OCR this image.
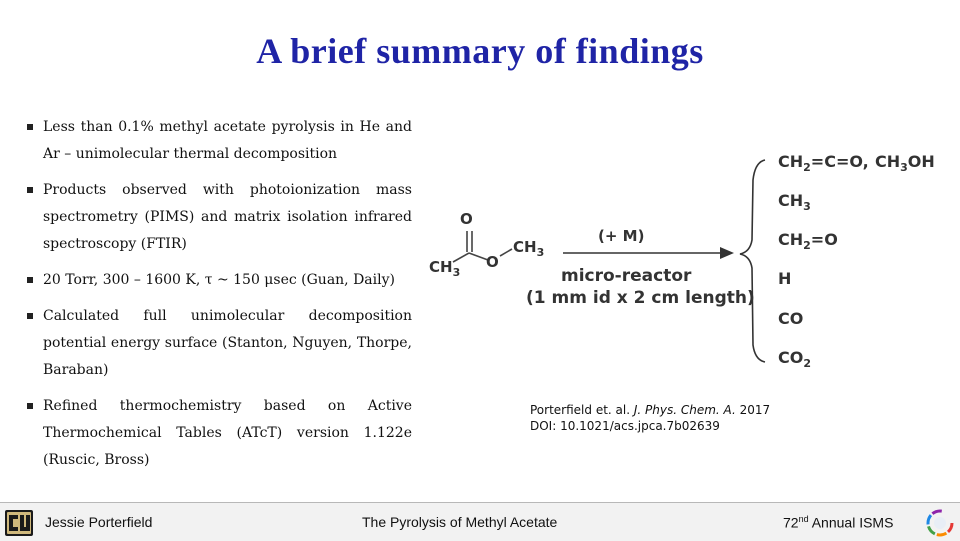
A brief summary of findings
Less than 0.1% methyl acetate pyrolysis in He and Ar – unimolecular thermal decomposition
Products observed with photoionization mass spectrometry (PIMS) and matrix isolation infrared spectroscopy (FTIR)
20 Torr, 300 – 1600 K, τ ~ 150 μsec (Guan, Daily)
Calculated full unimolecular decomposition potential energy surface (Stanton, Nguyen, Thorpe, Baraban)
Refined thermochemistry based on Active Thermochemical Tables (ATcT) version 1.122e (Ruscic, Bross)
O
O
$CH_3$
$CH_3$
(+ M)
micro-reactor
(1 mm id x 2 cm length)
$CH_2=C=O$, $CH_3OH$
$CH_3$
$CH_2=O$
H
CO
$CO_2$
Porterfield et. al. J. Phys. Chem. A. 2017
DOI: 10.1021/acs.jpca.7b02639
Jessie Porterfield	The Pyrolysis of Methyl Acetate	72nd Annual ISMS
